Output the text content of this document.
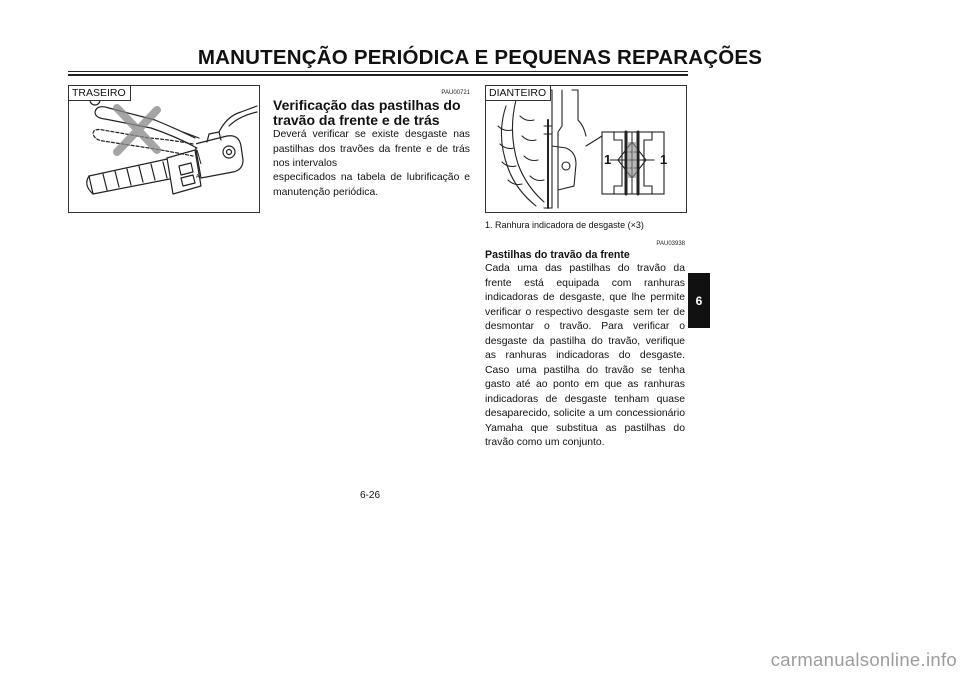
MANUTENÇÃO PERIÓDICA E PEQUENAS REPARAÇÕES
A
TRASEIRO	PAU00721
Verificação das pastilhas do
travão da frente e de trás
Deverá verificar se existe desgaste nas pastilhas dos travões da frente e de trás nos intervalos
especificados na tabela de lubrificação e manutenção periódica.
1	1
DIANTEIRO
1. Ranhura indicadora de desgaste (×3)
PAU03938
Pastilhas do travão da frente
Cada uma das pastilhas do travão da frente está equipada com ranhuras indicadoras de desgaste, que lhe permite verificar o respectivo desgaste sem ter de desmontar o travão. Para verificar o desgaste da pastilha do travão, verifique as ranhuras indicadoras do desgaste. Caso uma pastilha do travão se tenha gasto até ao ponto em que as ranhuras indicadoras de desgaste tenham quase desaparecido, solicite a um concessionário Yamaha que substitua as pastilhas do travão como um conjunto.
6-26
6
carmanualsonline.info
